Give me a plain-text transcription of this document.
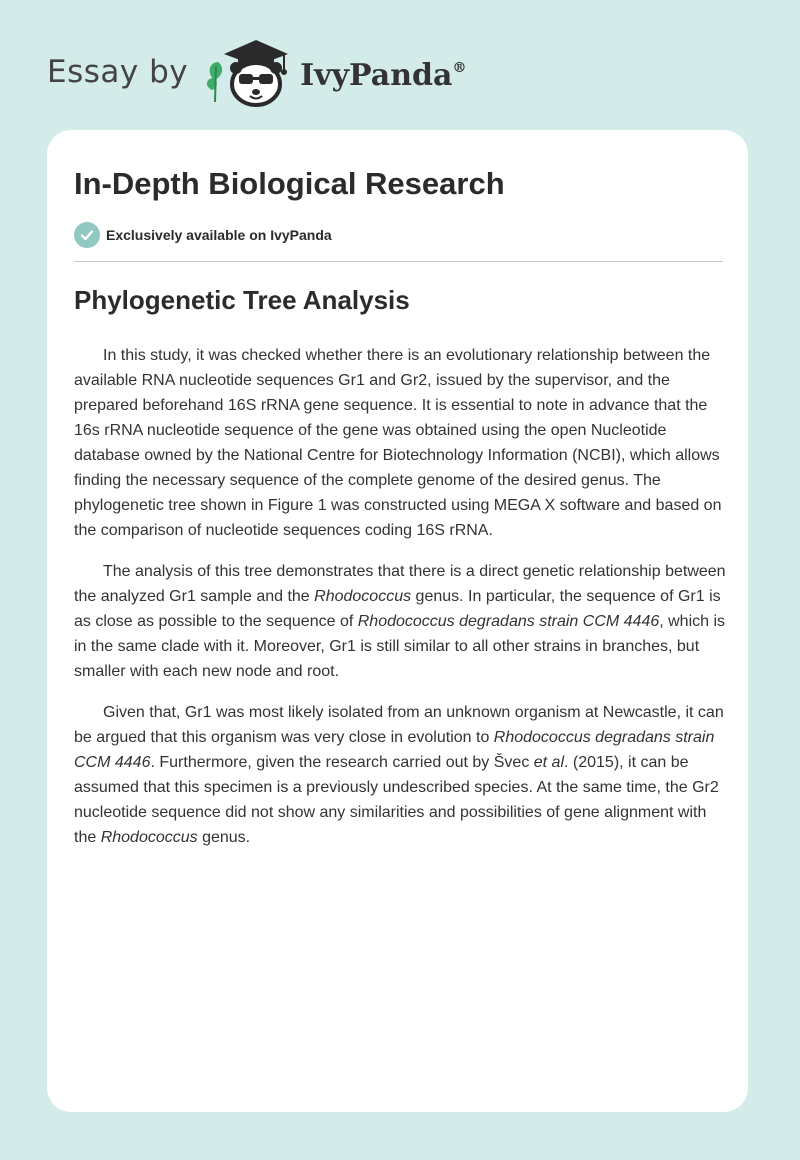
Essay by	IvyPanda®
In-Depth Biological Research
Exclusively available on IvyPanda
Phylogenetic Tree Analysis

In this study, it was checked whether there is an evolutionary relationship between the available RNA nucleotide sequences Gr1 and Gr2, issued by the supervisor, and the prepared beforehand 16S rRNA gene sequence. It is essential to note in advance that the 16s rRNA nucleotide sequence of the gene was obtained using the open Nucleotide database owned by the National Centre for Biotechnology Information (NCBI), which allows finding the necessary sequence of the complete genome of the desired genus. The phylogenetic tree shown in Figure 1 was constructed using MEGA X software and based on the comparison of nucleotide sequences coding 16S rRNA.

The analysis of this tree demonstrates that there is a direct genetic relationship between the analyzed Gr1 sample and the Rhodococcus genus. In particular, the sequence of Gr1 is as close as possible to the sequence of Rhodococcus degradans strain CCM 4446, which is in the same clade with it. Moreover, Gr1 is still similar to all other strains in branches, but smaller with each new node and root.

Given that, Gr1 was most likely isolated from an unknown organism at Newcastle, it can be argued that this organism was very close in evolution to Rhodococcus degradans strain CCM 4446. Furthermore, given the research carried out by Švec et al. (2015), it can be assumed that this specimen is a previously undescribed species. At the same time, the Gr2 nucleotide sequence did not show any similarities and possibilities of gene alignment with the Rhodococcus genus.
